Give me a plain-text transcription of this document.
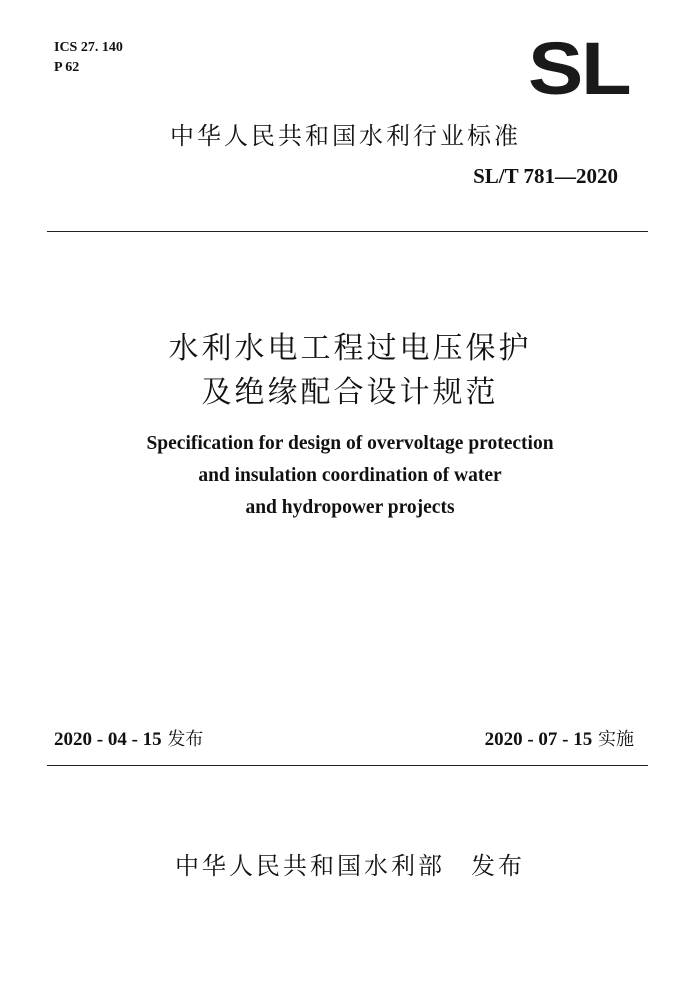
ICS 27. 140
P 62	SL
中华人民共和国水利行业标准
SL/T 781—2020
水利水电工程过电压保护
及绝缘配合设计规范
Specification for design of overvoltage protection
and insulation coordination of water
and hydropower projects
2020 - 04 - 15 发布	2020 - 07 - 15 实施
中华人民共和国水利部 发布
